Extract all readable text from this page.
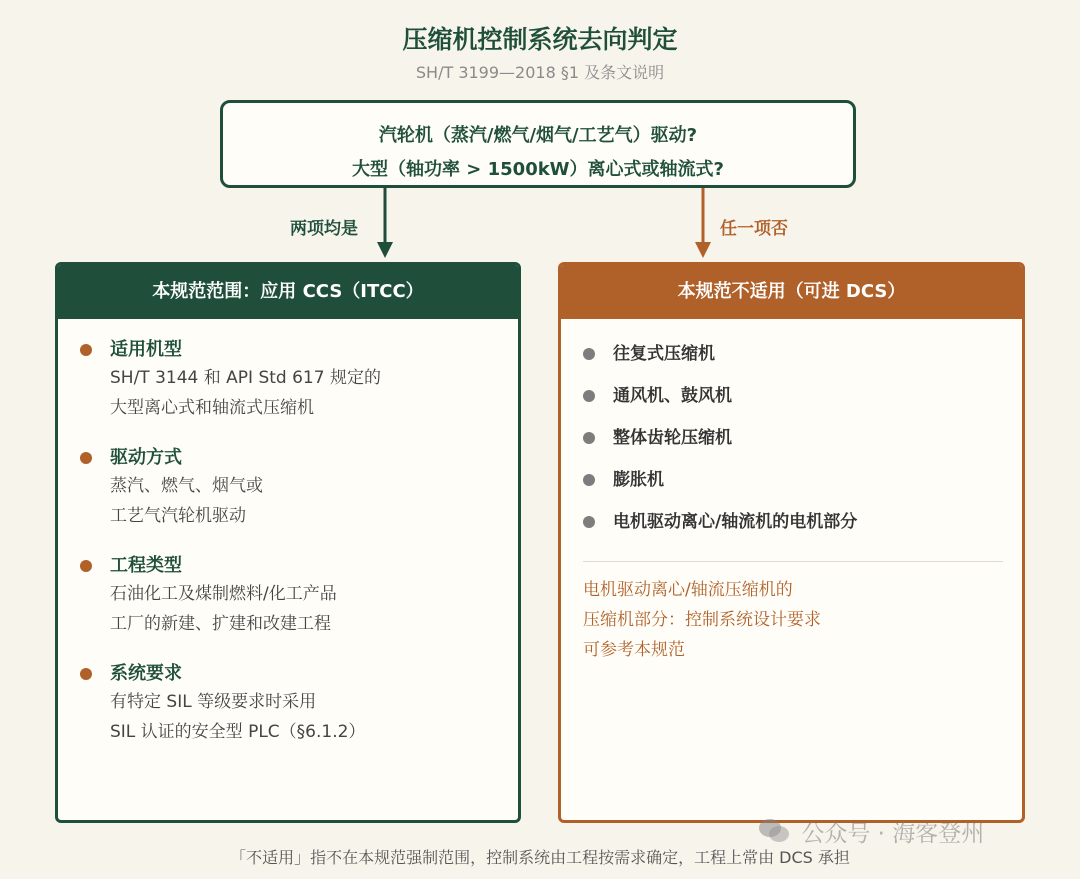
压缩机控制系统去向判定
SH/T 3199—2018 §1 及条文说明
汽轮机（蒸汽/燃气/烟气/工艺气）驱动?
大型（轴功率 > 1500kW）离心式或轴流式?
两项均是	任一项否
本规范范围：应用 CCS（ITCC）
适用机型
SH/T 3144 和 API Std 617 规定的
大型离心式和轴流式压缩机
驱动方式
蒸汽、燃气、烟气或
工艺气汽轮机驱动
工程类型
石油化工及煤制燃料/化工产品
工厂的新建、扩建和改建工程
系统要求
有特定 SIL 等级要求时采用
SIL 认证的安全型 PLC（§6.1.2）
本规范不适用（可进 DCS）
往复式压缩机
通风机、鼓风机
整体齿轮压缩机
膨胀机
电机驱动离心/轴流机的电机部分
电机驱动离心/轴流压缩机的
压缩机部分：控制系统设计要求
可参考本规范
「不适用」指不在本规范强制范围，控制系统由工程按需求确定，工程上常由 DCS 承担
公众号 · 海客登州
